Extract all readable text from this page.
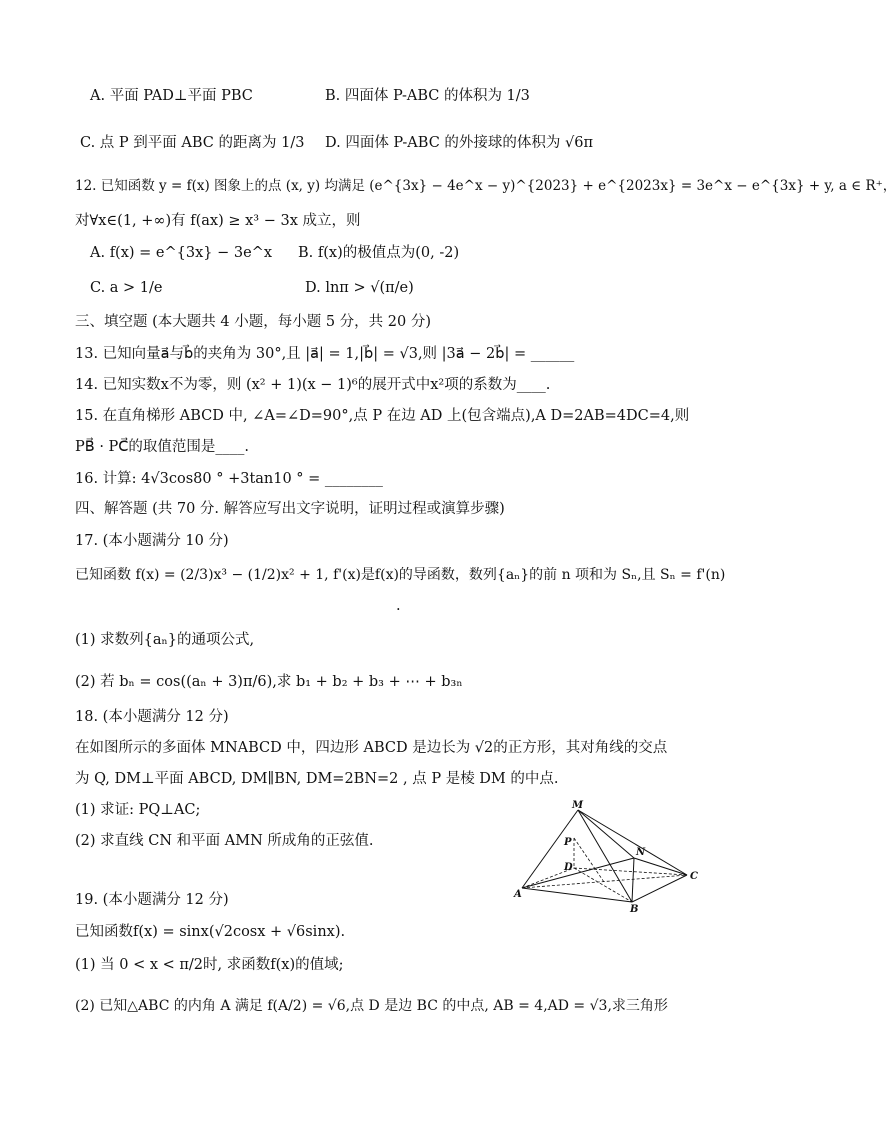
A. 平面 PAD⊥平面 PBC	B. 四面体 P-ABC 的体积为 1/3
C. 点 P 到平面 ABC 的距离为 1/3 D. 四面体 P-ABC 的外接球的体积为 √6π
12. 已知函数 y = f(x) 图象上的点 (x, y) 均满足 (e^{3x} − 4e^x − y)^{2023} + e^{2023x} = 3e^x − e^{3x} + y, a ∈ R⁺，
对∀x∈(1, +∞)有 f(ax) ≥ x³ − 3x 成立，则
A. f(x) = e^{3x} − 3e^x B. f(x)的极值点为(0, -2)
C. a > 1/e	D. lnπ > √(π/e)
三、填空题 (本大题共 4 小题，每小题 5 分，共 20 分)
13. 已知向量a⃗与b⃗的夹角为 30°,且 |a⃗| = 1,|b⃗| = √3,则 |3a⃗ − 2b⃗| = ______
14. 已知实数x不为零，则 (x² + 1)(x − 1)⁶的展开式中x²项的系数为____.
15. 在直角梯形 ABCD 中, ∠A=∠D=90°,点 P 在边 AD 上(包含端点),A D=2AB=4DC=4,则
PB⃗ · PC⃗的取值范围是____.
16. 计算: 4√3cos80 ° +3tan10 ° = ________
四、解答题 (共 70 分. 解答应写出文字说明，证明过程或演算步骤)
17. (本小题满分 10 分)
已知函数 f(x) = (2/3)x³ − (1/2)x² + 1, f'(x)是f(x)的导函数，数列{aₙ}的前 n 项和为 Sₙ,且 Sₙ = f'(n)
.
(1) 求数列{aₙ}的通项公式,
(2) 若 bₙ = cos((aₙ + 3)π/6),求 b₁ + b₂ + b₃ + ⋯ + b₃ₙ
18. (本小题满分 12 分)
在如图所示的多面体 MNABCD 中，四边形 ABCD 是边长为 √2的正方形，其对角线的交点
为 Q, DM⊥平面 ABCD, DM∥BN, DM=2BN=2 , 点 P 是棱 DM 的中点.
(1) 求证: PQ⊥AC;
(2) 求直线 CN 和平面 AMN 所成角的正弦值.
M
P
D
N
C
A
B
19. (本小题满分 12 分)
已知函数f(x) = sinx(√2cosx + √6sinx).
(1) 当 0 < x < π/2时, 求函数f(x)的值域;
(2) 已知△ABC 的内角 A 满足 f(A/2) = √6,点 D 是边 BC 的中点, AB = 4,AD = √3,求三角形
